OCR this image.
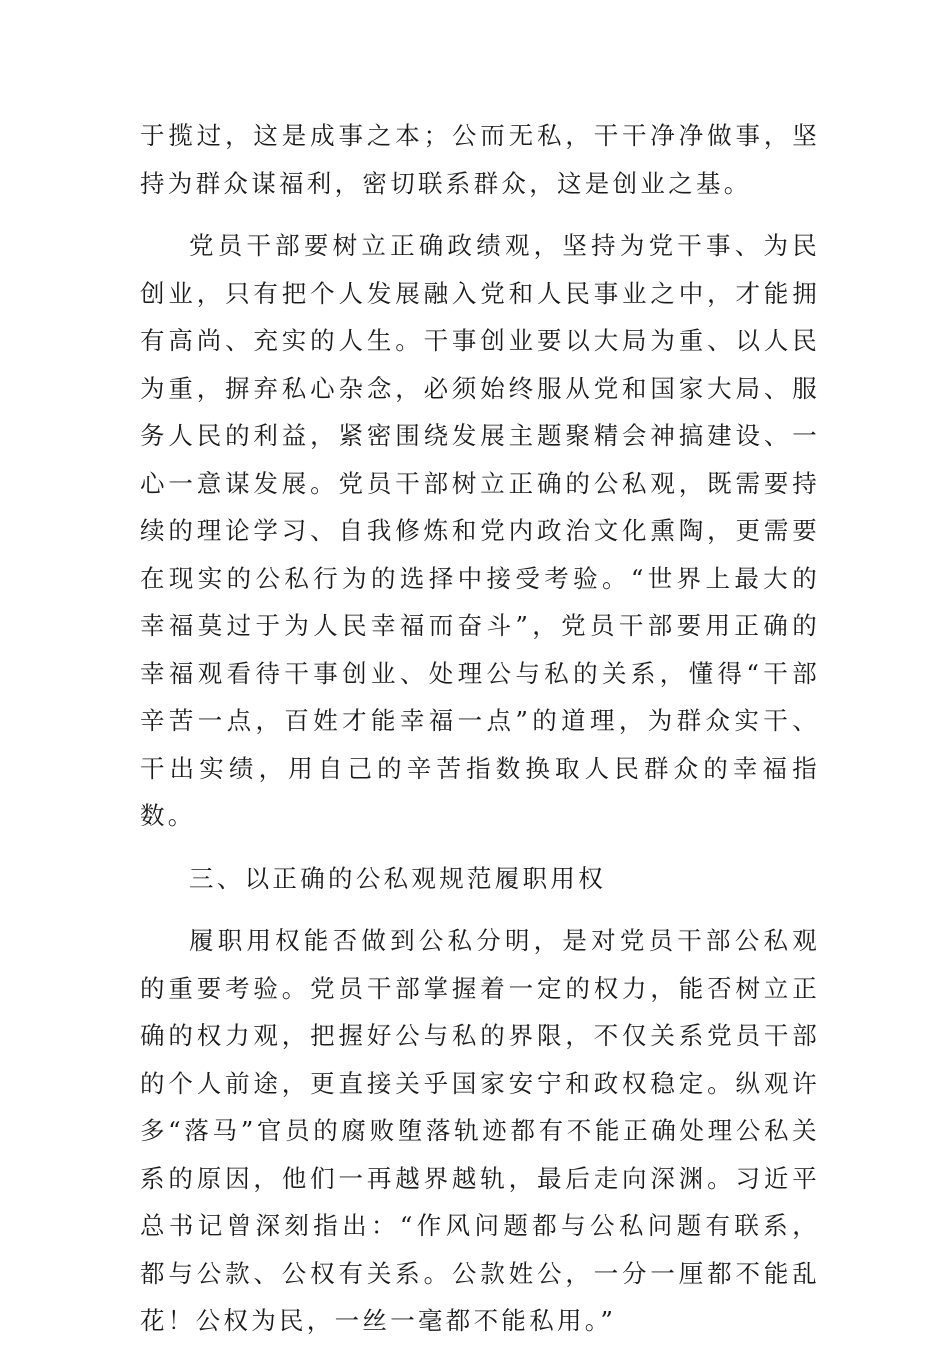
于揽过，这是成事之本；公而无私，干干净净做事，坚持为群众谋福利，密切联系群众，这是创业之基。

党员干部要树立正确政绩观，坚持为党干事、为民创业，只有把个人发展融入党和人民事业之中，才能拥有高尚、充实的人生。干事创业要以大局为重、以人民为重，摒弃私心杂念，必须始终服从党和国家大局、服务人民的利益，紧密围绕发展主题聚精会神搞建设、一心一意谋发展。党员干部树立正确的公私观，既需要持续的理论学习、自我修炼和党内政治文化熏陶，更需要在现实的公私行为的选择中接受考验。“世界上最大的幸福莫过于为人民幸福而奋斗”，党员干部要用正确的幸福观看待干事创业、处理公与私的关系，懂得“干部辛苦一点，百姓才能幸福一点”的道理，为群众实干、干出实绩，用自己的辛苦指数换取人民群众的幸福指数。

三、以正确的公私观规范履职用权

履职用权能否做到公私分明，是对党员干部公私观的重要考验。党员干部掌握着一定的权力，能否树立正确的权力观，把握好公与私的界限，不仅关系党员干部的个人前途，更直接关乎国家安宁和政权稳定。纵观许多“落马”官员的腐败堕落轨迹都有不能正确处理公私关系的原因，他们一再越界越轨，最后走向深渊。习近平总书记曾深刻指出：“作风问题都与公私问题有联系，都与公款、公权有关系。公款姓公，一分一厘都不能乱花！公权为民，一丝一毫都不能私用。”
